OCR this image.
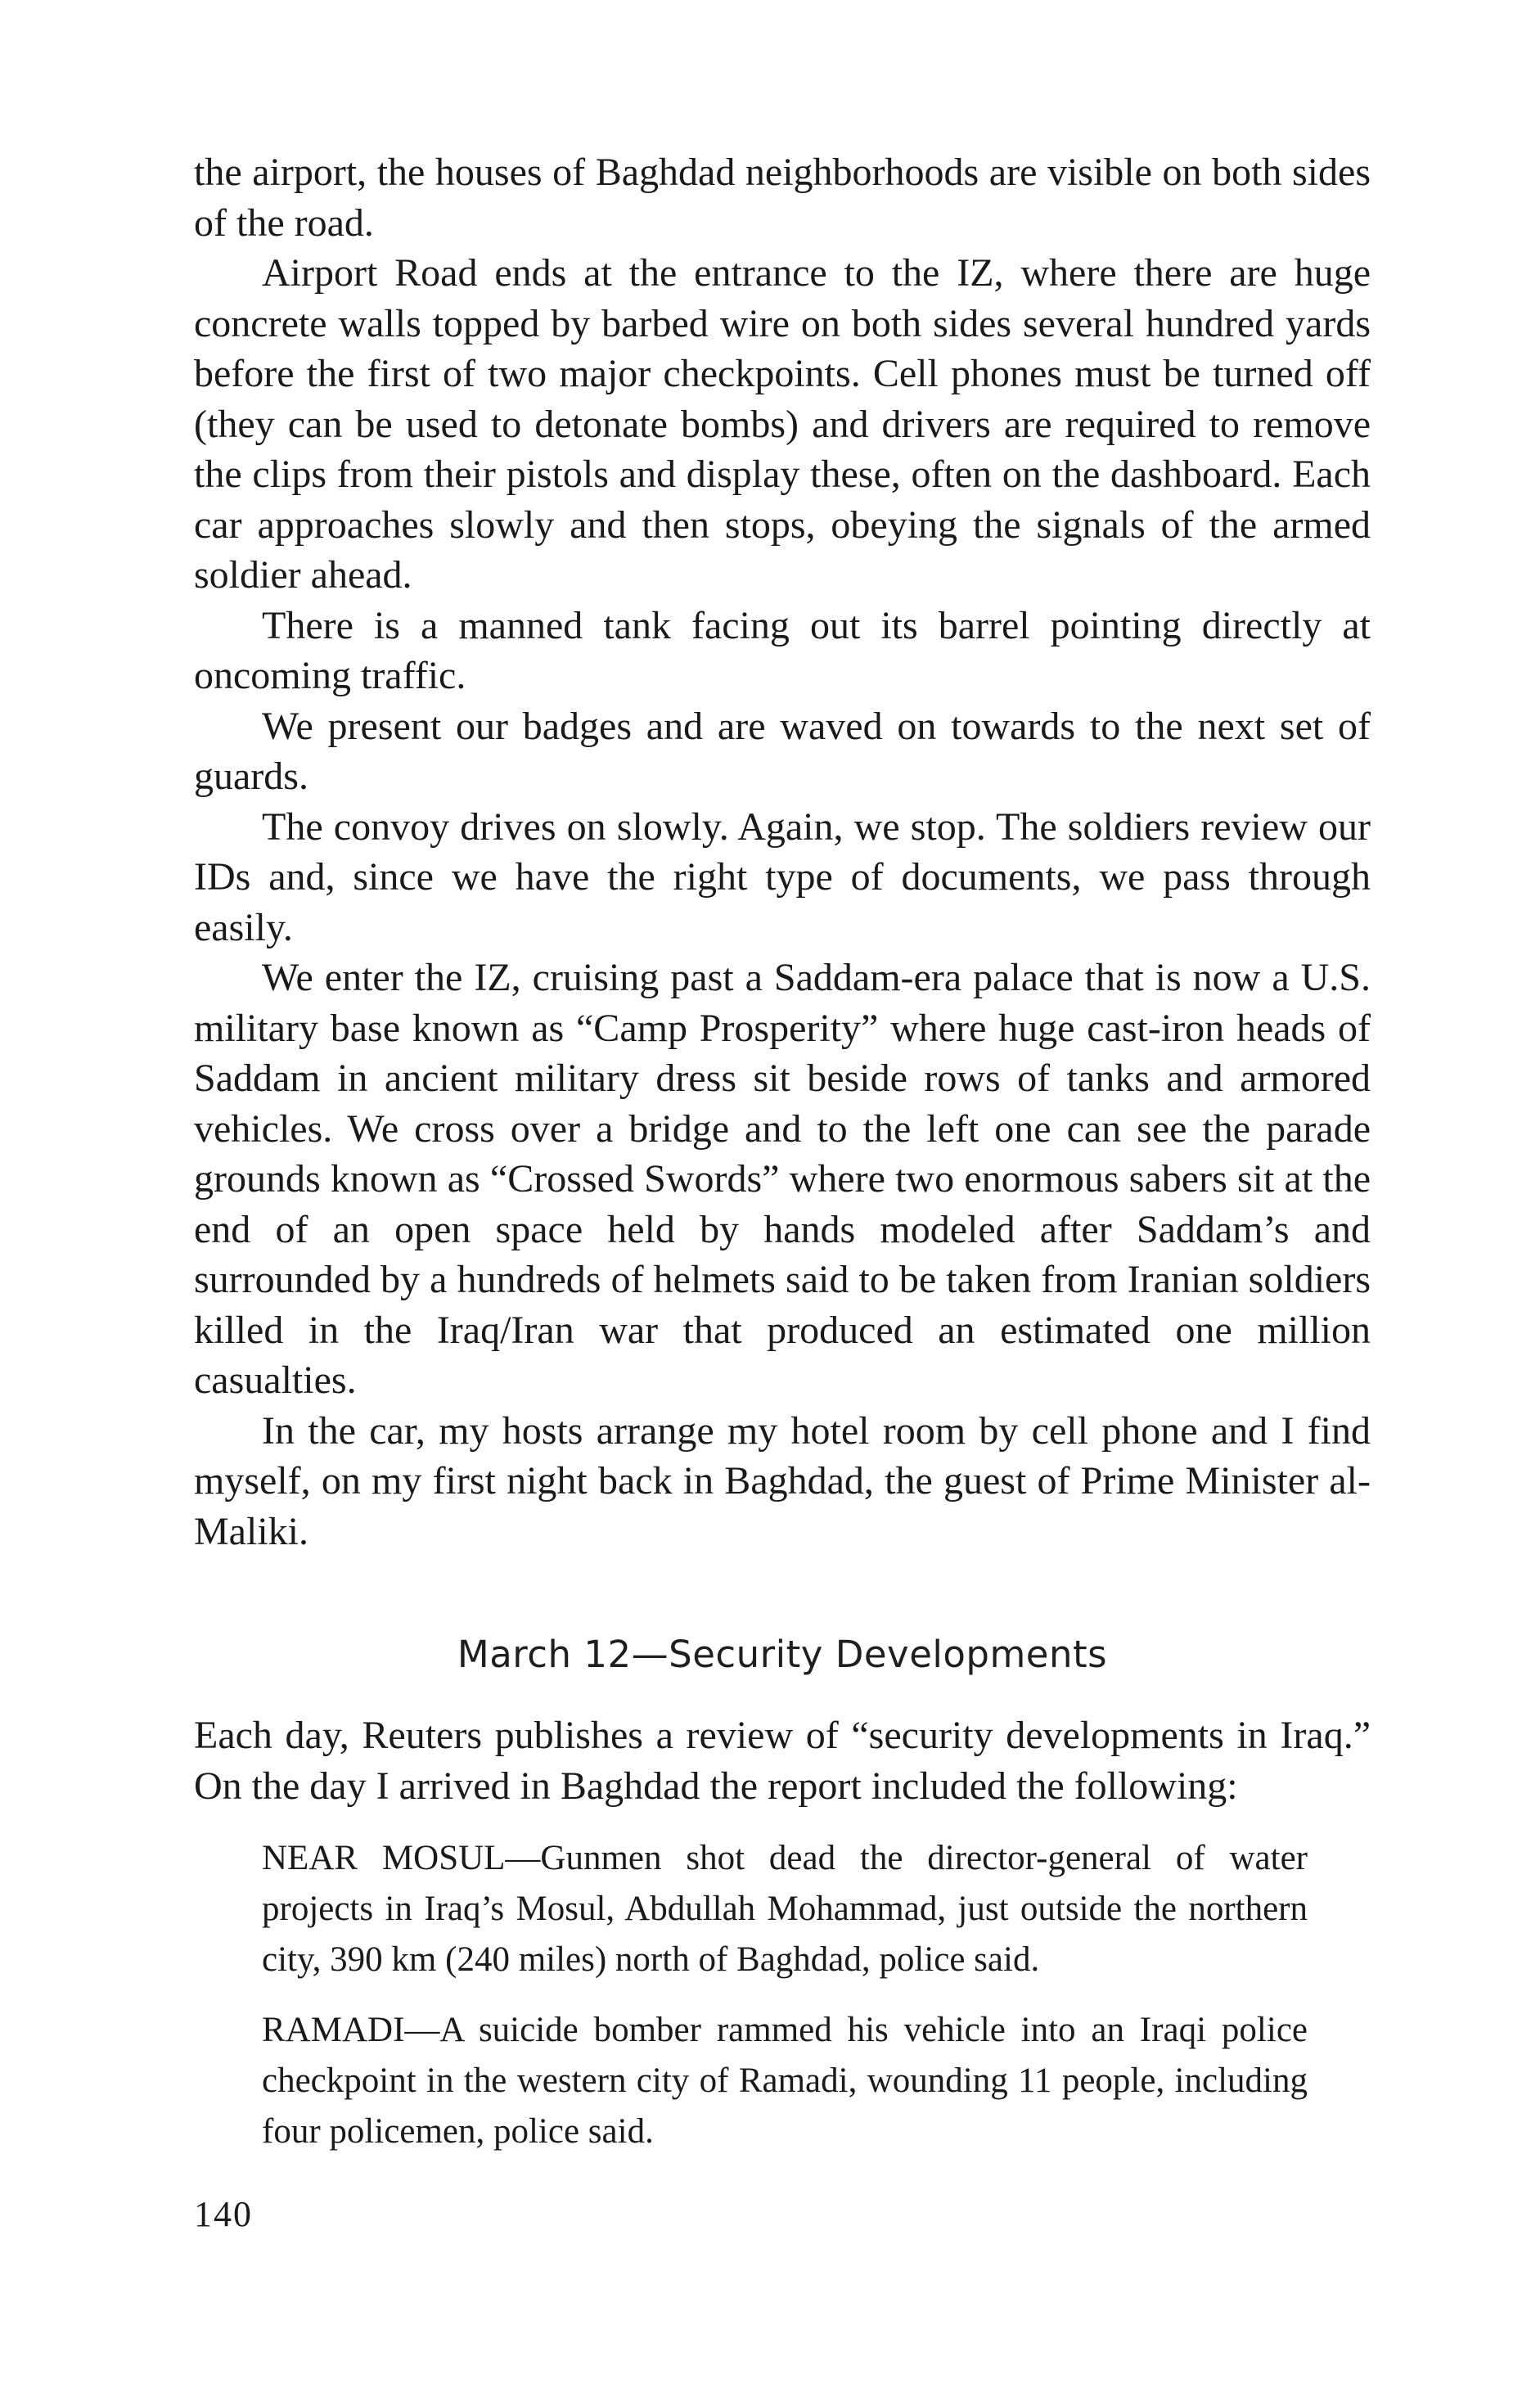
the airport, the houses of Baghdad neighborhoods are visible on both sides of the road.

Airport Road ends at the entrance to the IZ, where there are huge concrete walls topped by barbed wire on both sides several hundred yards before the first of two major checkpoints. Cell phones must be turned off (they can be used to detonate bombs) and drivers are required to remove the clips from their pistols and display these, often on the dashboard. Each car approaches slowly and then stops, obeying the signals of the armed soldier ahead.

There is a manned tank facing out its barrel pointing directly at oncoming traffic.

We present our badges and are waved on towards to the next set of guards.

The convoy drives on slowly. Again, we stop. The soldiers review our IDs and, since we have the right type of documents, we pass through easily.

We enter the IZ, cruising past a Saddam-era palace that is now a U.S. military base known as “Camp Prosperity” where huge cast-iron heads of Saddam in ancient military dress sit beside rows of tanks and armored vehicles. We cross over a bridge and to the left one can see the parade grounds known as “Crossed Swords” where two enormous sabers sit at the end of an open space held by hands modeled after Saddam’s and surrounded by a hundreds of helmets said to be taken from Iranian soldiers killed in the Iraq/Iran war that produced an estimated one million casualties.

In the car, my hosts arrange my hotel room by cell phone and I find myself, on my first night back in Baghdad, the guest of Prime Minister al-Maliki.

March 12—Security Developments

Each day, Reuters publishes a review of “security developments in Iraq.” On the day I arrived in Baghdad the report included the following:

NEAR MOSUL—Gunmen shot dead the director-general of water projects in Iraq’s Mosul, Abdullah Mohammad, just outside the northern city, 390 km (240 miles) north of Baghdad, police said.

RAMADI—A suicide bomber rammed his vehicle into an Iraqi police checkpoint in the western city of Ramadi, wounding 11 people, including four policemen, police said.

140
